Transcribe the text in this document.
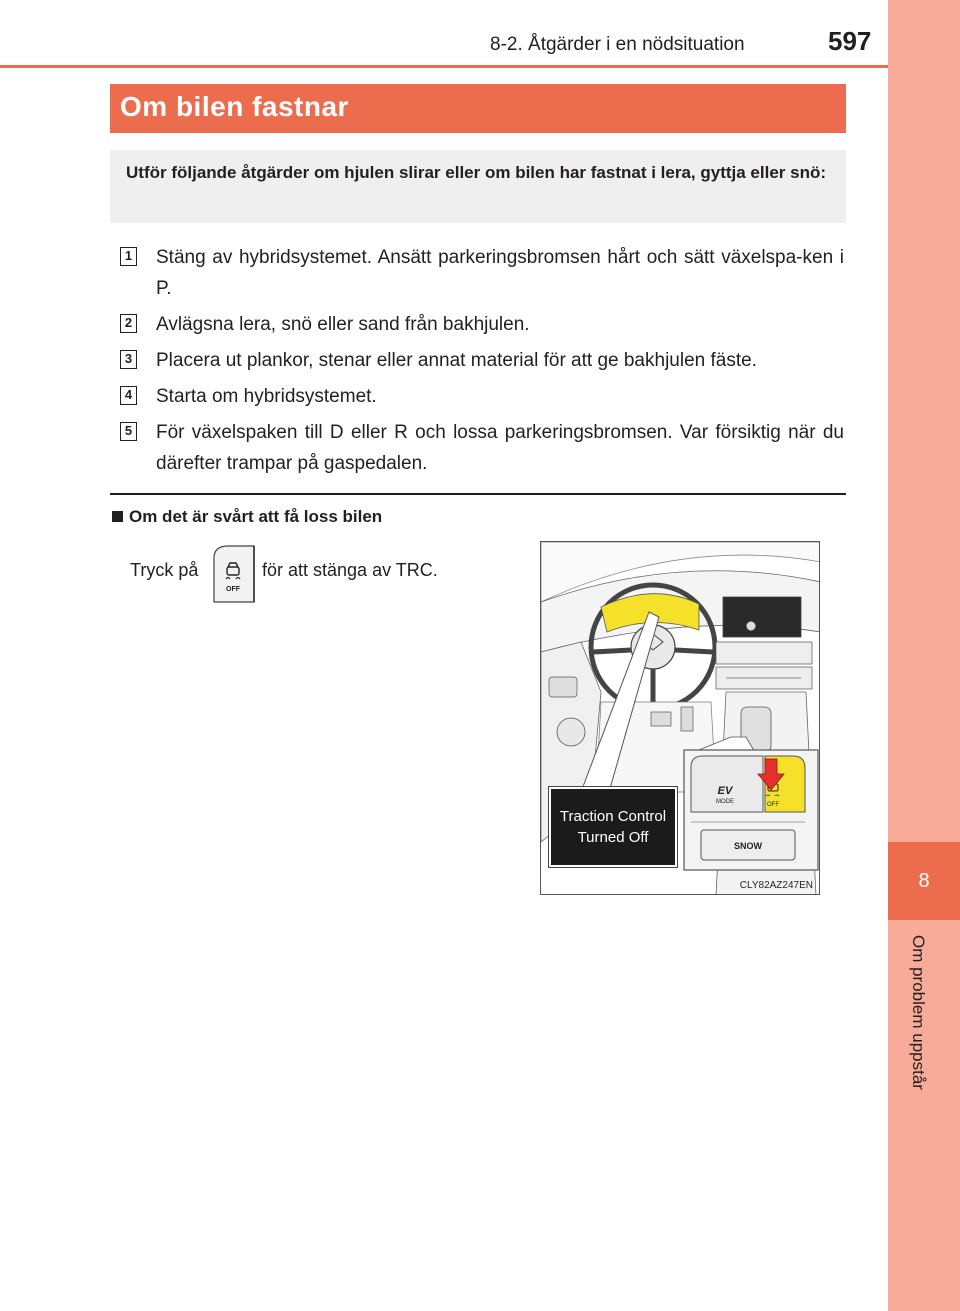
8
Om problem uppstår
8-2. Åtgärder i en nödsituation	597
Om bilen fastnar
Utför följande åtgärder om hjulen slirar eller om bilen har fastnat i lera, gyttja eller snö:
1 Stäng av hybridsystemet. Ansätt parkeringsbromsen hårt och sätt växelspa-ken i P.
2 Avlägsna lera, snö eller sand från bakhjulen.
3 Placera ut plankor, stenar eller annat material för att ge bakhjulen fäste.
4 Starta om hybridsystemet.
5 För växelspaken till D eller R och lossa parkeringsbromsen. Var försiktig när du därefter trampar på gaspedalen.
Om det är svårt att få loss bilen
Tryck på	för att stänga av TRC.
OFF
EV
MODE	OFF
SNOW
Traction Control Turned Off
CLY82AZ247EN
